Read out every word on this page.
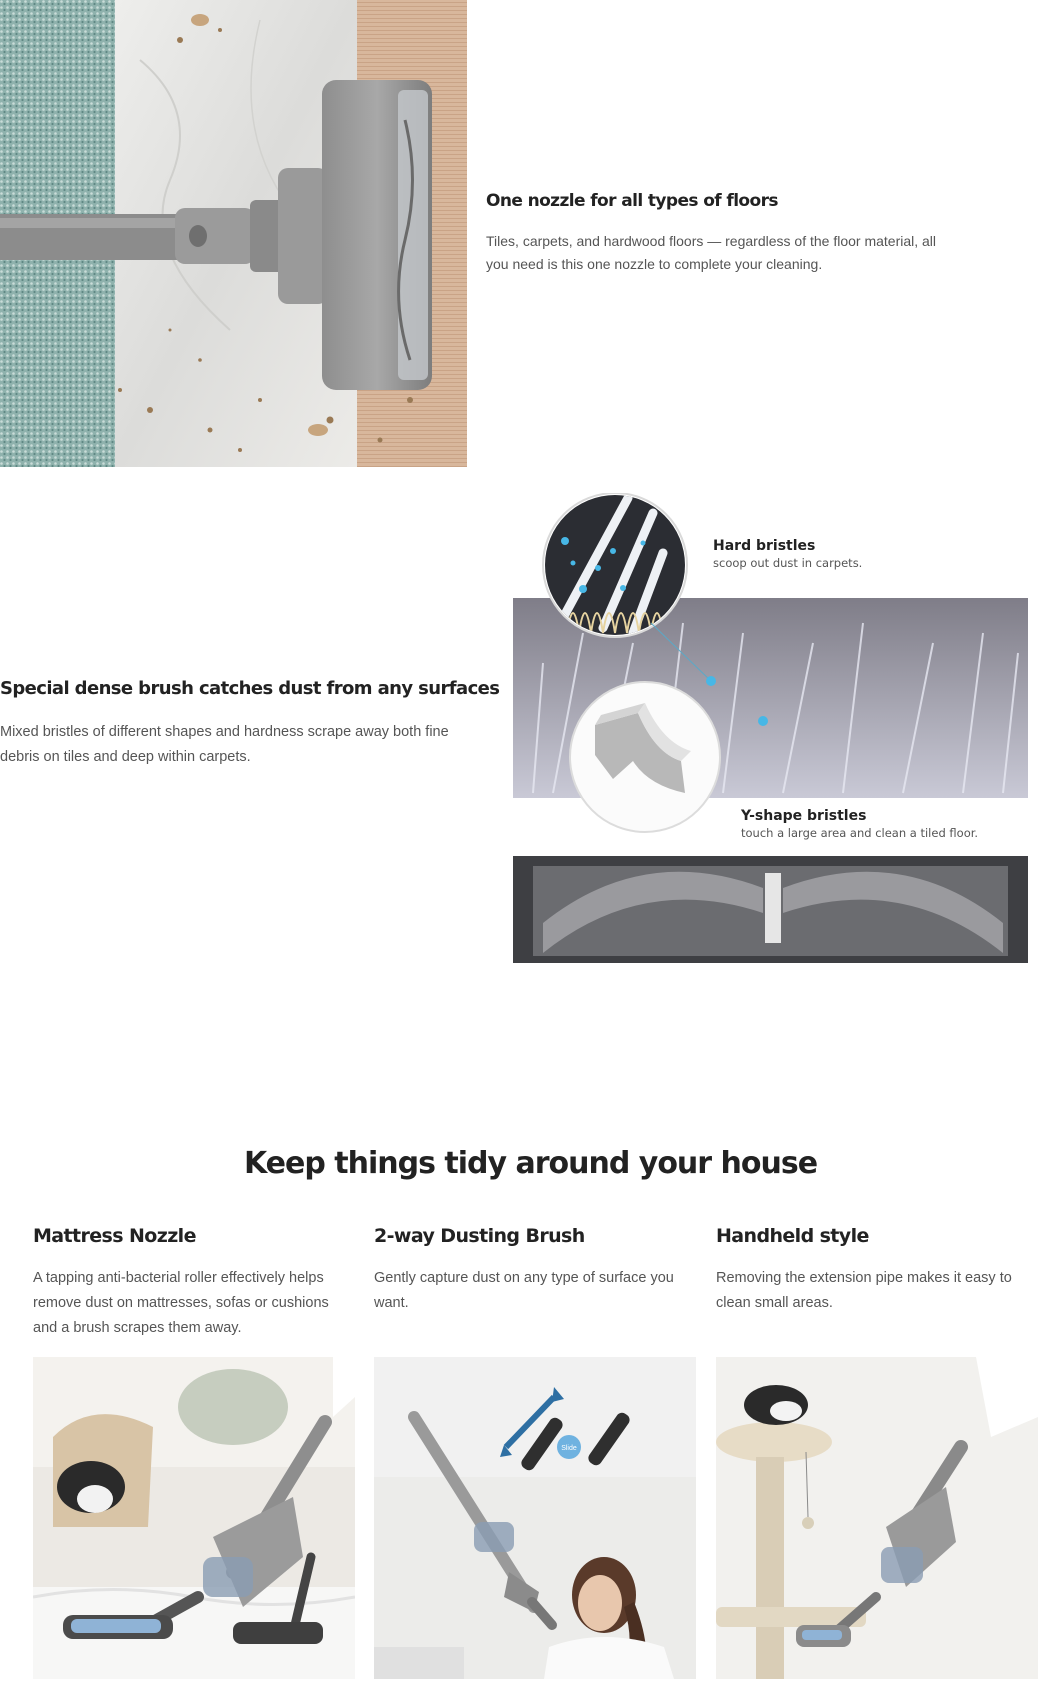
One nozzle for all types of floors
Tiles, carpets, and hardwood floors — regardless of the floor material, all you need is this one nozzle to complete your cleaning.
Special dense brush catches dust from any surfaces
Mixed bristles of different shapes and hardness scrape away both fine debris on tiles and deep within carpets.
Hard bristles
scoop out dust in carpets.
Y-shape bristles
touch a large area and clean a tiled floor.
Keep things tidy around your house
Mattress Nozzle
A tapping anti-bacterial roller effectively helps remove dust on mattresses, sofas or cushions and a brush scrapes them away.
2-way Dusting Brush
Gently capture dust on any type of surface you want.
Slide
Handheld style
Removing the extension pipe makes it easy to clean small areas.
